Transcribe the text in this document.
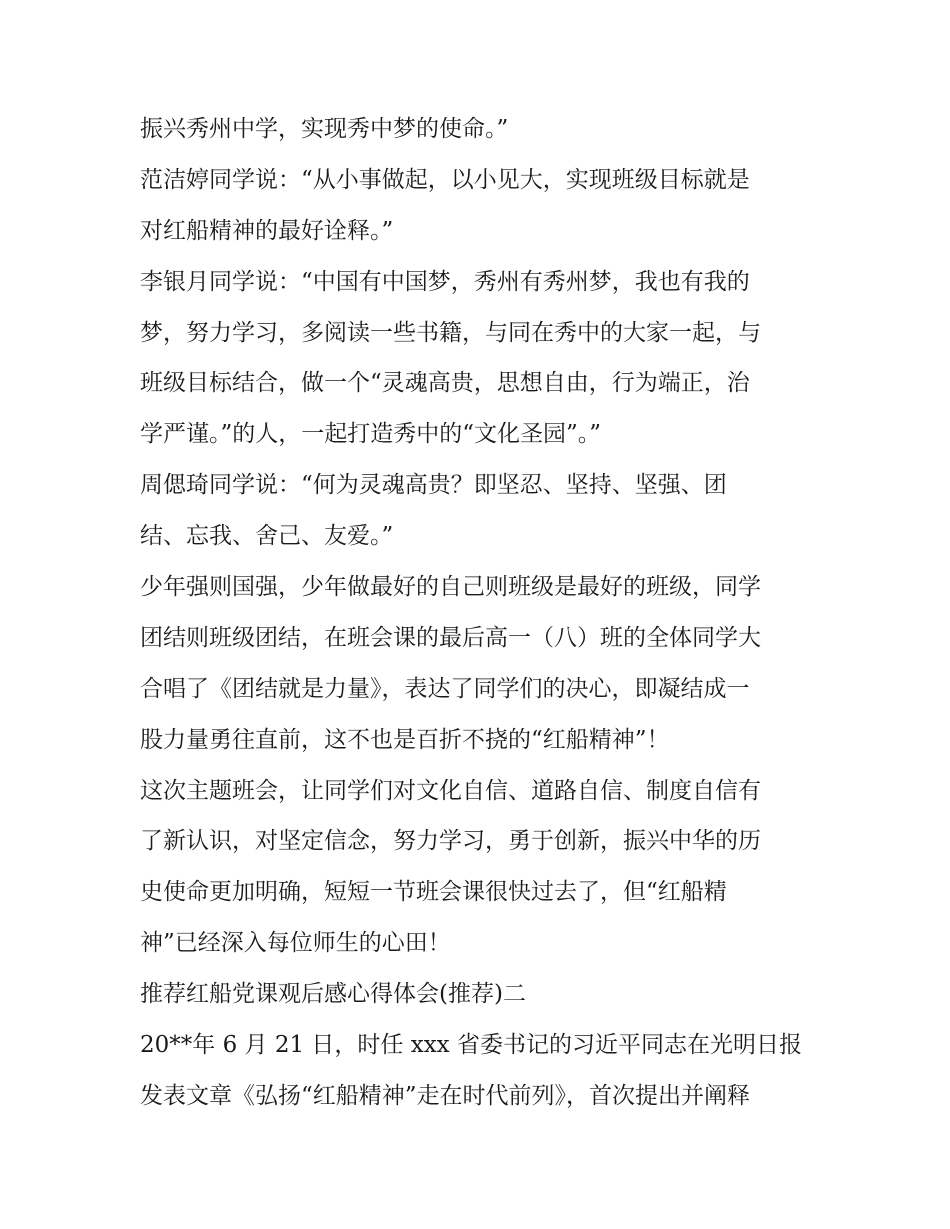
振兴秀州中学，实现秀中梦的使命。”
范洁婷同学说：“从小事做起，以小见大，实现班级目标就是
对红船精神的最好诠释。”
李银月同学说：“中国有中国梦，秀州有秀州梦，我也有我的
梦，努力学习，多阅读一些书籍，与同在秀中的大家一起，与
班级目标结合，做一个“灵魂高贵，思想自由，行为端正，治
学严谨。”的人，一起打造秀中的“文化圣园”。”
周偲琦同学说：“何为灵魂高贵？即坚忍、坚持、坚强、团
结、忘我、舍己、友爱。”
少年强则国强，少年做最好的自己则班级是最好的班级，同学
团结则班级团结，在班会课的最后高一（八）班的全体同学大
合唱了《团结就是力量》，表达了同学们的决心，即凝结成一
股力量勇往直前，这不也是百折不挠的“红船精神”！
这次主题班会，让同学们对文化自信、道路自信、制度自信有
了新认识，对坚定信念，努力学习，勇于创新，振兴中华的历
史使命更加明确，短短一节班会课很快过去了，但“红船精
神”已经深入每位师生的心田！
推荐红船党课观后感心得体会(推荐)二
20**年 6 月 21 日，时任 xxx 省委书记的习近平同志在光明日报
发表文章《弘扬“红船精神”走在时代前列》，首次提出并阐释
